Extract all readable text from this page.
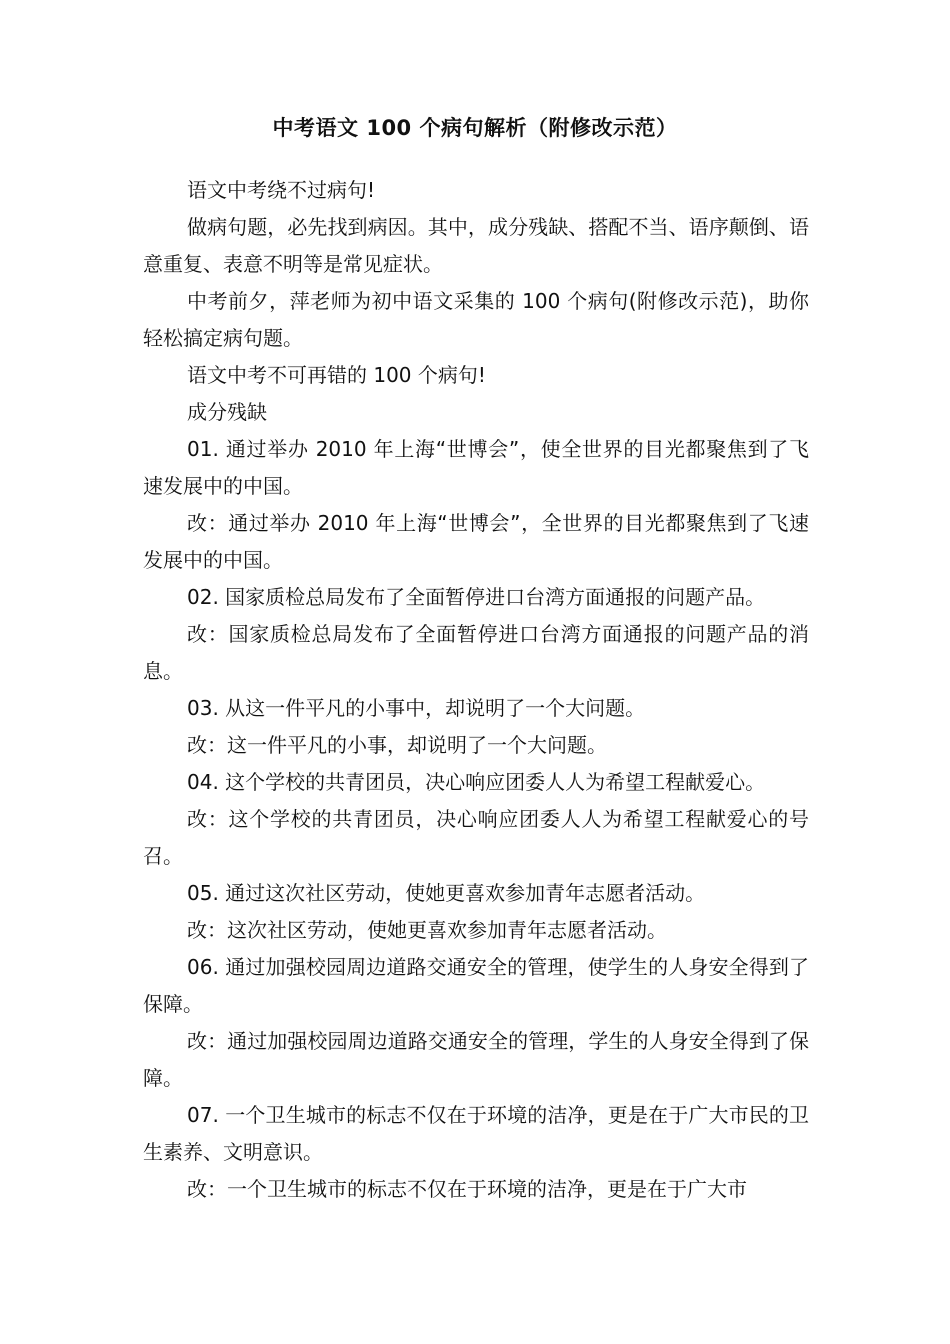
中考语文 100 个病句解析（附修改示范）

语文中考绕不过病句!

做病句题，必先找到病因。其中，成分残缺、搭配不当、语序颠倒、语意重复、表意不明等是常见症状。

中考前夕，萍老师为初中语文采集的 100 个病句(附修改示范)，助你轻松搞定病句题。

语文中考不可再错的 100 个病句!

成分残缺

01. 通过举办 2010 年上海“世博会”，使全世界的目光都聚焦到了飞速发展中的中国。

改：通过举办 2010 年上海“世博会”，全世界的目光都聚焦到了飞速发展中的中国。

02. 国家质检总局发布了全面暂停进口台湾方面通报的问题产品。

改：国家质检总局发布了全面暂停进口台湾方面通报的问题产品的消息。

03. 从这一件平凡的小事中，却说明了一个大问题。

改：这一件平凡的小事，却说明了一个大问题。

04. 这个学校的共青团员，决心响应团委人人为希望工程献爱心。

改：这个学校的共青团员，决心响应团委人人为希望工程献爱心的号召。

05. 通过这次社区劳动，使她更喜欢参加青年志愿者活动。

改：这次社区劳动，使她更喜欢参加青年志愿者活动。

06. 通过加强校园周边道路交通安全的管理，使学生的人身安全得到了保障。

改：通过加强校园周边道路交通安全的管理，学生的人身安全得到了保障。

07. 一个卫生城市的标志不仅在于环境的洁净，更是在于广大市民的卫生素养、文明意识。

改：一个卫生城市的标志不仅在于环境的洁净，更是在于广大市
